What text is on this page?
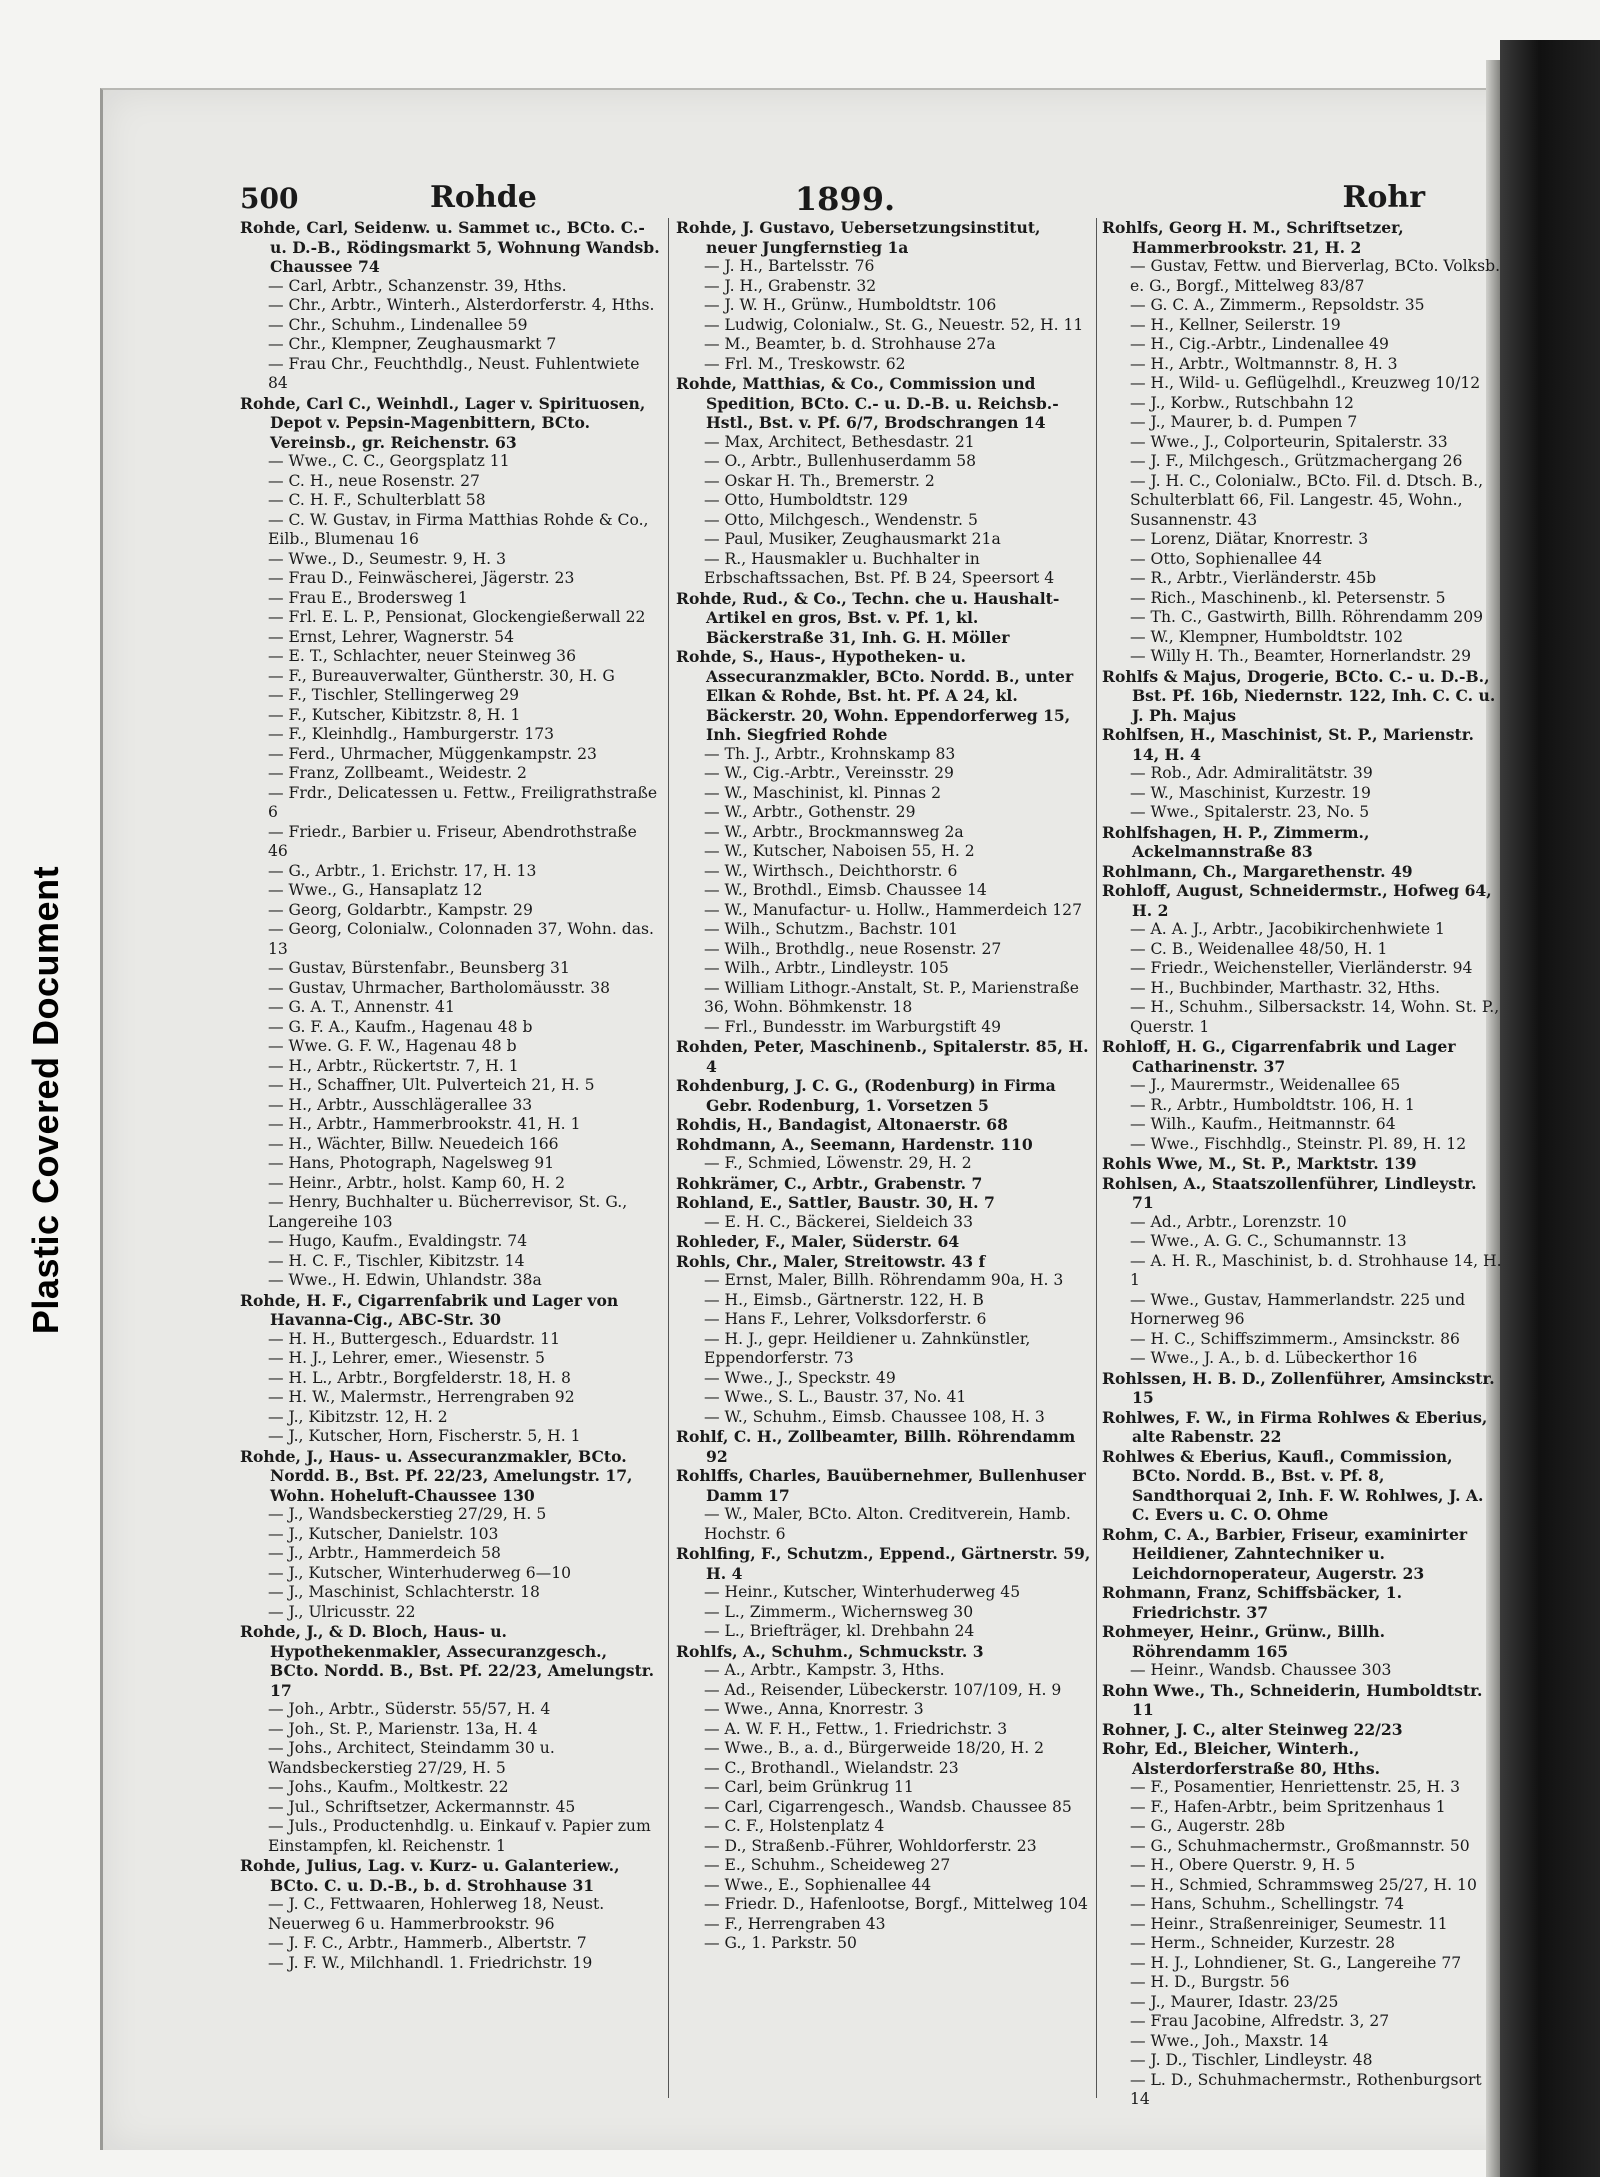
Plastic Covered Document
500	Rohde	1899.	Rohr
Rohde, Carl, Seidenw. u. Sammet ɩc., BCto. C.- u. D.-B., Rödingsmarkt 5, Wohnung Wandsb. Chaussee 74
— Carl, Arbtr., Schanzenstr. 39, Hths.
— Chr., Arbtr., Winterh., Alsterdorferstr. 4, Hths.
— Chr., Schuhm., Lindenallee 59
— Chr., Klempner, Zeughausmarkt 7
— Frau Chr., Feuchthdlg., Neust. Fuhlentwiete 84
Rohde, Carl C., Weinhdl., Lager v. Spirituosen, Depot v. Pepsin-Magenbittern, BCto. Vereinsb., gr. Reichenstr. 63
— Wwe., C. C., Georgsplatz 11
— C. H., neue Rosenstr. 27
— C. H. F., Schulterblatt 58
— C. W. Gustav, in Firma Matthias Rohde & Co., Eilb., Blumenau 16
— Wwe., D., Seumestr. 9, H. 3
— Frau D., Feinwäscherei, Jägerstr. 23
— Frau E., Brodersweg 1
— Frl. E. L. P., Pensionat, Glockengießerwall 22
— Ernst, Lehrer, Wagnerstr. 54
— E. T., Schlachter, neuer Steinweg 36
— F., Bureauverwalter, Güntherstr. 30, H. G
— F., Tischler, Stellingerweg 29
— F., Kutscher, Kibitzstr. 8, H. 1
— F., Kleinhdlg., Hamburgerstr. 173
— Ferd., Uhrmacher, Müggenkampstr. 23
— Franz, Zollbeamt., Weidestr. 2
— Frdr., Delicatessen u. Fettw., Freiligrathstraße 6
— Friedr., Barbier u. Friseur, Abendrothstraße 46
— G., Arbtr., 1. Erichstr. 17, H. 13
— Wwe., G., Hansaplatz 12
— Georg, Goldarbtr., Kampstr. 29
— Georg, Colonialw., Colonnaden 37, Wohn. das. 13
— Gustav, Bürstenfabr., Beunsberg 31
— Gustav, Uhrmacher, Bartholomäusstr. 38
— G. A. T., Annenstr. 41
— G. F. A., Kaufm., Hagenau 48 b
— Wwe. G. F. W., Hagenau 48 b
— H., Arbtr., Rückertstr. 7, H. 1
— H., Schaffner, Ult. Pulverteich 21, H. 5
— H., Arbtr., Ausschlägerallee 33
— H., Arbtr., Hammerbrookstr. 41, H. 1
— H., Wächter, Billw. Neuedeich 166
— Hans, Photograph, Nagelsweg 91
— Heinr., Arbtr., holst. Kamp 60, H. 2
— Henry, Buchhalter u. Bücherrevisor, St. G., Langereihe 103
— Hugo, Kaufm., Evaldingstr. 74
— H. C. F., Tischler, Kibitzstr. 14
— Wwe., H. Edwin, Uhlandstr. 38a
Rohde, H. F., Cigarrenfabrik und Lager von Havanna-Cig., ABC-Str. 30
— H. H., Buttergesch., Eduardstr. 11
— H. J., Lehrer, emer., Wiesenstr. 5
— H. L., Arbtr., Borgfelderstr. 18, H. 8
— H. W., Malermstr., Herrengraben 92
— J., Kibitzstr. 12, H. 2
— J., Kutscher, Horn, Fischerstr. 5, H. 1
Rohde, J., Haus- u. Assecuranzmakler, BCto. Nordd. B., Bst. Pf. 22/23, Amelungstr. 17, Wohn. Hoheluft-Chaussee 130
— J., Wandsbeckerstieg 27/29, H. 5
— J., Kutscher, Danielstr. 103
— J., Arbtr., Hammerdeich 58
— J., Kutscher, Winterhuderweg 6—10
— J., Maschinist, Schlachterstr. 18
— J., Ulricusstr. 22
Rohde, J., & D. Bloch, Haus- u. Hypothekenmakler, Assecuranzgesch., BCto. Nordd. B., Bst. Pf. 22/23, Amelungstr. 17
— Joh., Arbtr., Süderstr. 55/57, H. 4
— Joh., St. P., Marienstr. 13a, H. 4
— Johs., Architect, Steindamm 30 u. Wandsbeckerstieg 27/29, H. 5
— Johs., Kaufm., Moltkestr. 22
— Jul., Schriftsetzer, Ackermannstr. 45
— Juls., Productenhdlg. u. Einkauf v. Papier zum Einstampfen, kl. Reichenstr. 1
Rohde, Julius, Lag. v. Kurz- u. Galanteriew., BCto. C. u. D.-B., b. d. Strohhause 31
— J. C., Fettwaaren, Hohlerweg 18, Neust. Neuerweg 6 u. Hammerbrookstr. 96
— J. F. C., Arbtr., Hammerb., Albertstr. 7
— J. F. W., Milchhandl. 1. Friedrichstr. 19
Rohde, J. Gustavo, Uebersetzungsinstitut, neuer Jungfernstieg 1a
— J. H., Bartelsstr. 76
— J. H., Grabenstr. 32
— J. W. H., Grünw., Humboldtstr. 106
— Ludwig, Colonialw., St. G., Neuestr. 52, H. 11
— M., Beamter, b. d. Strohhause 27a
— Frl. M., Treskowstr. 62
Rohde, Matthias, & Co., Commission und Spedition, BCto. C.- u. D.-B. u. Reichsb.-Hstl., Bst. v. Pf. 6/7, Brodschrangen 14
— Max, Architect, Bethesdastr. 21
— O., Arbtr., Bullenhuserdamm 58
— Oskar H. Th., Bremerstr. 2
— Otto, Humboldtstr. 129
— Otto, Milchgesch., Wendenstr. 5
— Paul, Musiker, Zeughausmarkt 21a
— R., Hausmakler u. Buchhalter in Erbschaftssachen, Bst. Pf. B 24, Speersort 4
Rohde, Rud., & Co., Techn. che u. Haushalt-Artikel en gros, Bst. v. Pf. 1, kl. Bäckerstraße 31, Inh. G. H. Möller
Rohde, S., Haus-, Hypotheken- u. Assecuranzmakler, BCto. Nordd. B., unter Elkan & Rohde, Bst. ht. Pf. A 24, kl. Bäckerstr. 20, Wohn. Eppendorferweg 15, Inh. Siegfried Rohde
— Th. J., Arbtr., Krohnskamp 83
— W., Cig.-Arbtr., Vereinsstr. 29
— W., Maschinist, kl. Pinnas 2
— W., Arbtr., Gothenstr. 29
— W., Arbtr., Brockmannsweg 2a
— W., Kutscher, Naboisen 55, H. 2
— W., Wirthsch., Deichthorstr. 6
— W., Brothdl., Eimsb. Chaussee 14
— W., Manufactur- u. Hollw., Hammerdeich 127
— Wilh., Schutzm., Bachstr. 101
— Wilh., Brothdlg., neue Rosenstr. 27
— Wilh., Arbtr., Lindleystr. 105
— William Lithogr.-Anstalt, St. P., Marienstraße 36, Wohn. Böhmkenstr. 18
— Frl., Bundesstr. im Warburgstift 49
Rohden, Peter, Maschinenb., Spitalerstr. 85, H. 4
Rohdenburg, J. C. G., (Rodenburg) in Firma Gebr. Rodenburg, 1. Vorsetzen 5
Rohdis, H., Bandagist, Altonaerstr. 68
Rohdmann, A., Seemann, Hardenstr. 110
— F., Schmied, Löwenstr. 29, H. 2
Rohkrämer, C., Arbtr., Grabenstr. 7
Rohland, E., Sattler, Baustr. 30, H. 7
— E. H. C., Bäckerei, Sieldeich 33
Rohleder, F., Maler, Süderstr. 64
Rohls, Chr., Maler, Streitowstr. 43 f
— Ernst, Maler, Billh. Röhrendamm 90a, H. 3
— H., Eimsb., Gärtnerstr. 122, H. B
— Hans F., Lehrer, Volksdorferstr. 6
— H. J., gepr. Heildiener u. Zahnkünstler, Eppendorferstr. 73
— Wwe., J., Speckstr. 49
— Wwe., S. L., Baustr. 37, No. 41
— W., Schuhm., Eimsb. Chaussee 108, H. 3
Rohlf, C. H., Zollbeamter, Billh. Röhrendamm 92
Rohlffs, Charles, Bauübernehmer, Bullenhuser Damm 17
— W., Maler, BCto. Alton. Creditverein, Hamb. Hochstr. 6
Rohlfing, F., Schutzm., Eppend., Gärtnerstr. 59, H. 4
— Heinr., Kutscher, Winterhuderweg 45
— L., Zimmerm., Wichernsweg 30
— L., Briefträger, kl. Drehbahn 24
Rohlfs, A., Schuhm., Schmuckstr. 3
— A., Arbtr., Kampstr. 3, Hths.
— Ad., Reisender, Lübeckerstr. 107/109, H. 9
— Wwe., Anna, Knorrestr. 3
— A. W. F. H., Fettw., 1. Friedrichstr. 3
— Wwe., B., a. d., Bürgerweide 18/20, H. 2
— C., Brothandl., Wielandstr. 23
— Carl, beim Grünkrug 11
— Carl, Cigarrengesch., Wandsb. Chaussee 85
— C. F., Holstenplatz 4
— D., Straßenb.-Führer, Wohldorferstr. 23
— E., Schuhm., Scheideweg 27
— Wwe., E., Sophienallee 44
— Friedr. D., Hafenlootse, Borgf., Mittelweg 104
— F., Herrengraben 43
— G., 1. Parkstr. 50
Rohlfs, Georg H. M., Schriftsetzer, Hammerbrookstr. 21, H. 2
— Gustav, Fettw. und Bierverlag, BCto. Volksb. e. G., Borgf., Mittelweg 83/87
— G. C. A., Zimmerm., Repsoldstr. 35
— H., Kellner, Seilerstr. 19
— H., Cig.-Arbtr., Lindenallee 49
— H., Arbtr., Woltmannstr. 8, H. 3
— H., Wild- u. Geflügelhdl., Kreuzweg 10/12
— J., Korbw., Rutschbahn 12
— J., Maurer, b. d. Pumpen 7
— Wwe., J., Colporteurin, Spitalerstr. 33
— J. F., Milchgesch., Grützmachergang 26
— J. H. C., Colonialw., BCto. Fil. d. Dtsch. B., Schulterblatt 66, Fil. Langestr. 45, Wohn., Susannenstr. 43
— Lorenz, Diätar, Knorrestr. 3
— Otto, Sophienallee 44
— R., Arbtr., Vierländerstr. 45b
— Rich., Maschinenb., kl. Petersenstr. 5
— Th. C., Gastwirth, Billh. Röhrendamm 209
— W., Klempner, Humboldtstr. 102
— Willy H. Th., Beamter, Hornerlandstr. 29
Rohlfs & Majus, Drogerie, BCto. C.- u. D.-B., Bst. Pf. 16b, Niedernstr. 122, Inh. C. C. u. J. Ph. Majus
Rohlfsen, H., Maschinist, St. P., Marienstr. 14, H. 4
— Rob., Adr. Admiralitätstr. 39
— W., Maschinist, Kurzestr. 19
— Wwe., Spitalerstr. 23, No. 5
Rohlfshagen, H. P., Zimmerm., Ackelmannstraße 83
Rohlmann, Ch., Margarethenstr. 49
Rohloff, August, Schneidermstr., Hofweg 64, H. 2
— A. A. J., Arbtr., Jacobikirchenhwiete 1
— C. B., Weidenallee 48/50, H. 1
— Friedr., Weichensteller, Vierländerstr. 94
— H., Buchbinder, Marthastr. 32, Hths.
— H., Schuhm., Silbersackstr. 14, Wohn. St. P., Querstr. 1
Rohloff, H. G., Cigarrenfabrik und Lager Catharinenstr. 37
— J., Maurermstr., Weidenallee 65
— R., Arbtr., Humboldtstr. 106, H. 1
— Wilh., Kaufm., Heitmannstr. 64
— Wwe., Fischhdlg., Steinstr. Pl. 89, H. 12
Rohls Wwe, M., St. P., Marktstr. 139
Rohlsen, A., Staatszollenführer, Lindleystr. 71
— Ad., Arbtr., Lorenzstr. 10
— Wwe., A. G. C., Schumannstr. 13
— A. H. R., Maschinist, b. d. Strohhause 14, H. 1
— Wwe., Gustav, Hammerlandstr. 225 und Hornerweg 96
— H. C., Schiffszimmerm., Amsinckstr. 86
— Wwe., J. A., b. d. Lübeckerthor 16
Rohlssen, H. B. D., Zollenführer, Amsinckstr. 15
Rohlwes, F. W., in Firma Rohlwes & Eberius, alte Rabenstr. 22
Rohlwes & Eberius, Kaufl., Commission, BCto. Nordd. B., Bst. v. Pf. 8, Sandthorquai 2, Inh. F. W. Rohlwes, J. A. C. Evers u. C. O. Ohme
Rohm, C. A., Barbier, Friseur, examinirter Heildiener, Zahntechniker u. Leichdornoperateur, Augerstr. 23
Rohmann, Franz, Schiffsbäcker, 1. Friedrichstr. 37
Rohmeyer, Heinr., Grünw., Billh. Röhrendamm 165
— Heinr., Wandsb. Chaussee 303
Rohn Wwe., Th., Schneiderin, Humboldtstr. 11
Rohner, J. C., alter Steinweg 22/23
Rohr, Ed., Bleicher, Winterh., Alsterdorferstraße 80, Hths.
— F., Posamentier, Henriettenstr. 25, H. 3
— F., Hafen-Arbtr., beim Spritzenhaus 1
— G., Augerstr. 28b
— G., Schuhmachermstr., Großmannstr. 50
— H., Obere Querstr. 9, H. 5
— H., Schmied, Schrammsweg 25/27, H. 10
— Hans, Schuhm., Schellingstr. 74
— Heinr., Straßenreiniger, Seumestr. 11
— Herm., Schneider, Kurzestr. 28
— H. J., Lohndiener, St. G., Langereihe 77
— H. D., Burgstr. 56
— J., Maurer, Idastr. 23/25
— Frau Jacobine, Alfredstr. 3, 27
— Wwe., Joh., Maxstr. 14
— J. D., Tischler, Lindleystr. 48
— L. D., Schuhmachermstr., Rothenburgsort 14
